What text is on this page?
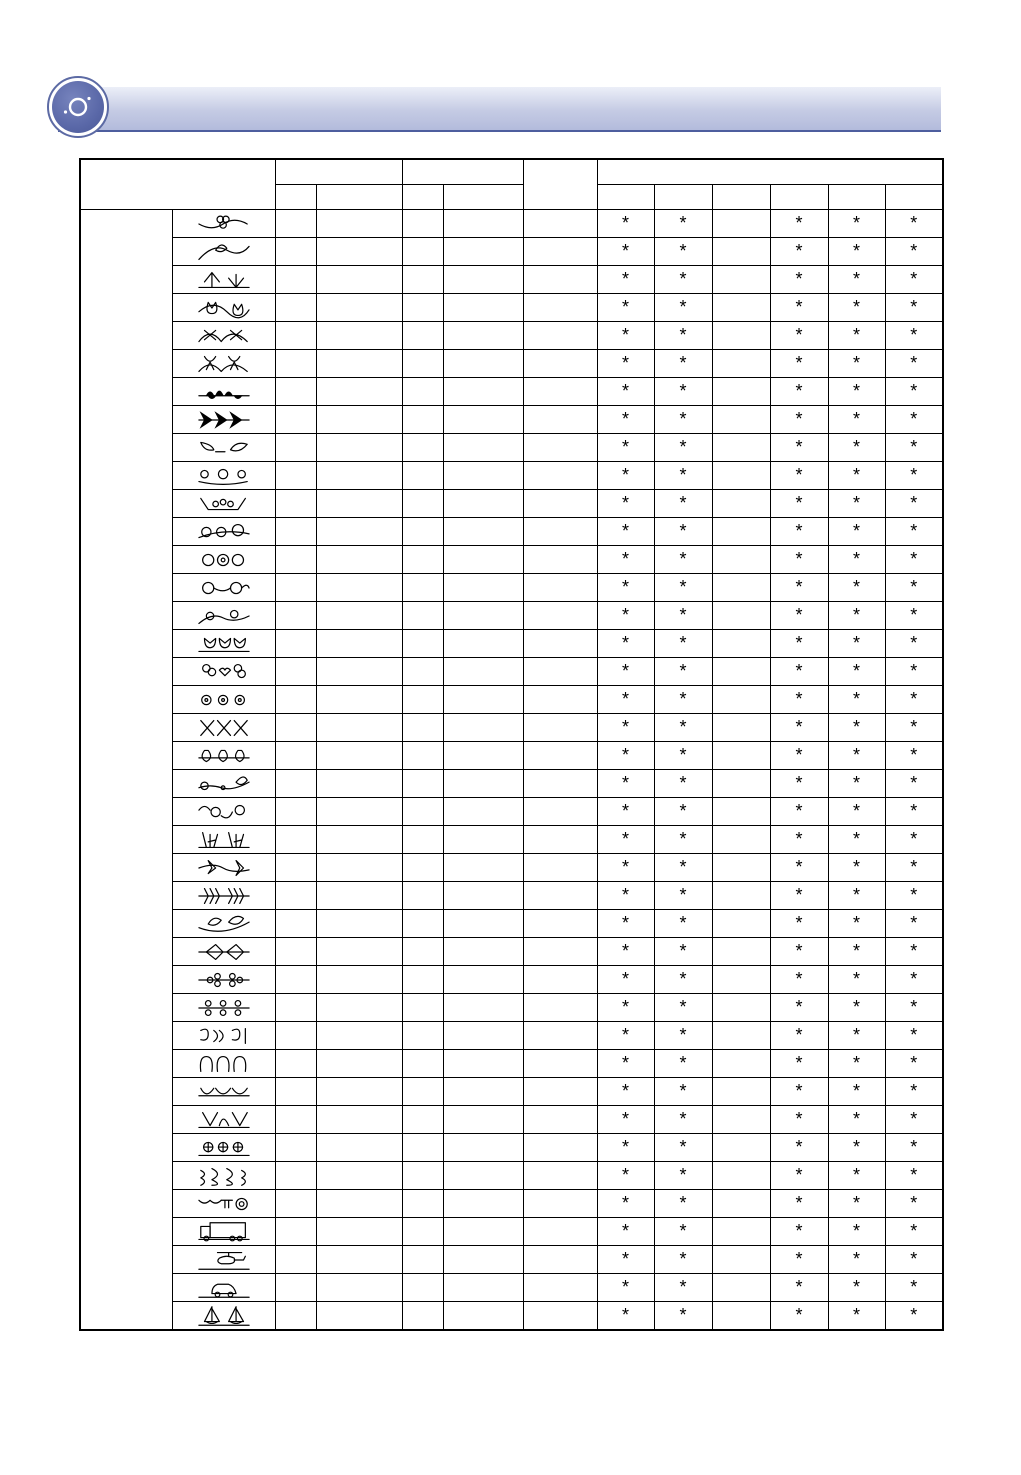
						*	*		*	*	*

						*	*		*	*	*

						*	*		*	*	*

						*	*		*	*	*

						*	*		*	*	*

						*	*		*	*	*

						*	*		*	*	*

						*	*		*	*	*

						*	*		*	*	*

						*	*		*	*	*

						*	*		*	*	*

						*	*		*	*	*

						*	*		*	*	*

						*	*		*	*	*

						*	*		*	*	*

						*	*		*	*	*

						*	*		*	*	*

						*	*		*	*	*

						*	*		*	*	*

						*	*		*	*	*

						*	*		*	*	*

						*	*		*	*	*

						*	*		*	*	*

						*	*		*	*	*

						*	*		*	*	*

						*	*		*	*	*

						*	*		*	*	*

						*	*		*	*	*

						*	*		*	*	*

						*	*		*	*	*

						*	*		*	*	*

						*	*		*	*	*

						*	*		*	*	*

						*	*		*	*	*

						*	*		*	*	*

						*	*		*	*	*

						*	*		*	*	*

						*	*		*	*	*

						*	*		*	*	*

						*	*		*	*	*
